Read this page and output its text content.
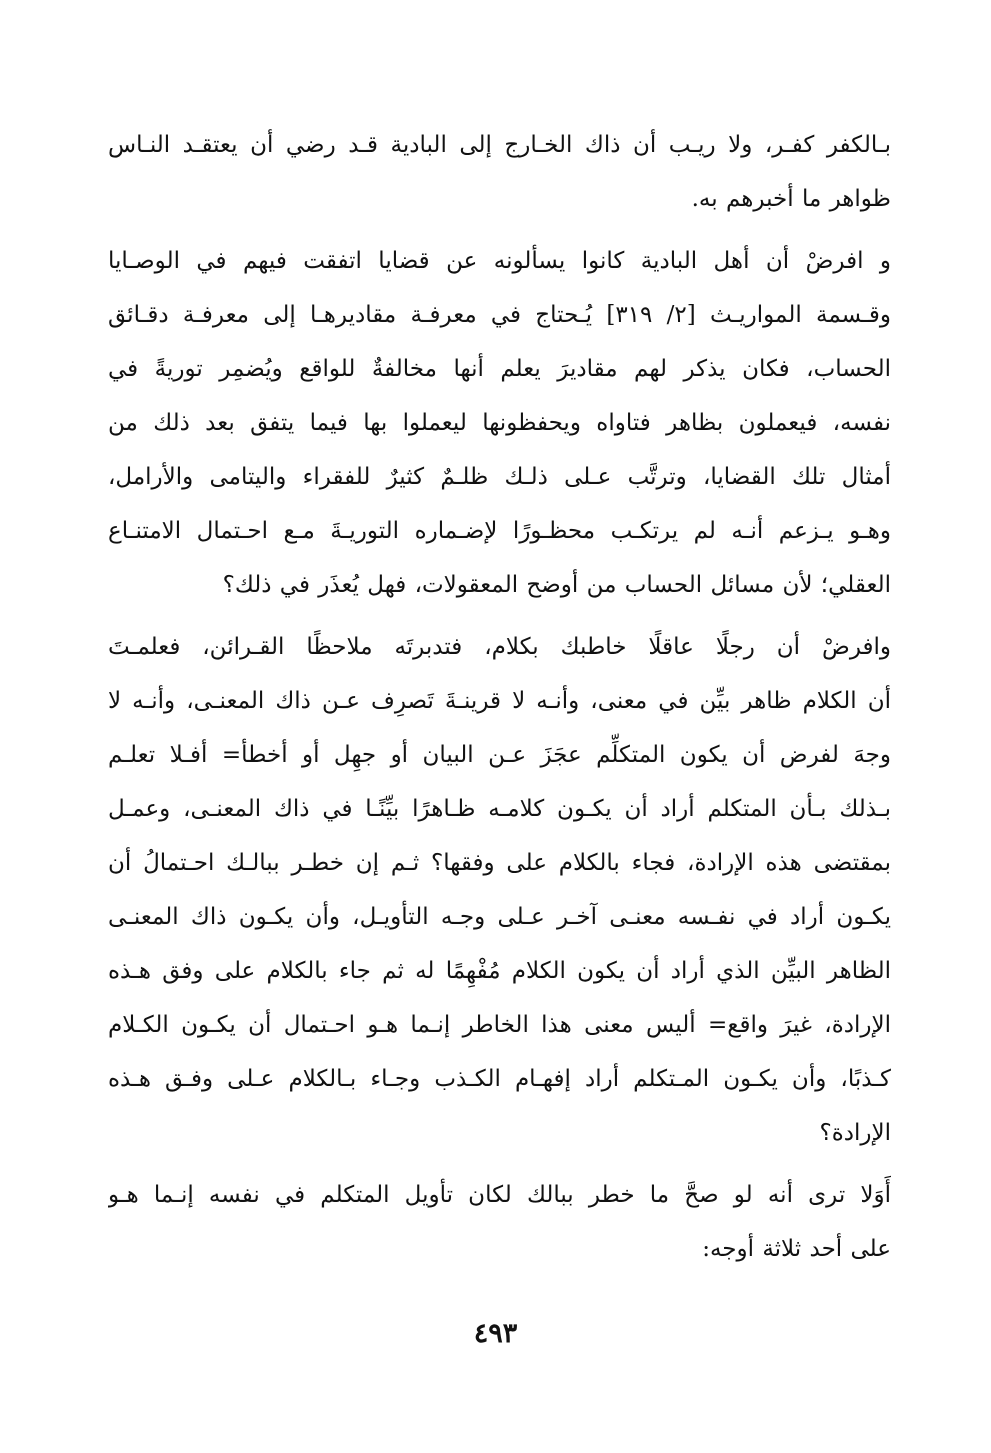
بـالكفر كفـر، ولا ريـب أن ذاك الخـارج إلى البادية قـد رضي أن يعتقـد النـاس
ظواهر ما أخبرهم به.

و افرضْ أن أهل البادية كانوا يسألونه عن قضايا اتفقت فيهم في الوصـايا
وقـسمة المواريـث [٢/ ٣١٩] يُـحتاج في معرفـة مقاديرهـا إلى معرفـة دقـائق
الحساب، فكان يذكر لهم مقاديرَ يعلم أنها مخالفةٌ للواقع ويُضمِر توريةً في
نفسه، فيعملون بظاهر فتاواه ويحفظونها ليعملوا بها فيما يتفق بعد ذلك من
أمثال تلك القضايا، وترتَّب عـلى ذلـك ظلـمٌ كثيرٌ للفقراء واليتامى والأرامل،
وهـو يـزعم أنـه لم يرتكـب محظـورًا لإضـماره التوريـةَ مـع احـتمال الامتنـاع
العقلي؛ لأن مسائل الحساب من أوضح المعقولات، فهل يُعذَر في ذلك؟

وافرضْ أن رجلًا عاقلًا خاطبك بكلام، فتدبرتَه ملاحظًا القـرائن، فعلمـتَ
أن الكلام ظاهر بيِّن في معنى، وأنـه لا قرينـةَ تَصرِف عـن ذاك المعنـى، وأنـه لا
وجهَ لفرض أن يكون المتكلِّم عجَزَ عـن البيان أو جهِل أو أخطأ= أفـلا تعلـم
بـذلك بـأن المتكلم أراد أن يكـون كلامـه ظـاهرًا بيِّنًـا في ذاك المعنـى، وعمـل
بمقتضى هذه الإرادة، فجاء بالكلام على وفقها؟ ثـم إن خطـر ببالـك احـتمالُ أن
يكـون أراد في نفـسه معنـى آخـر عـلى وجـه التأويـل، وأن يكـون ذاك المعنـى
الظاهر البيِّن الذي أراد أن يكون الكلام مُفْهِمًا له ثم جاء بالكلام على وفق هـذه
الإرادة، غيرَ واقع= أليس معنى هذا الخاطر إنـما هـو احـتمال أن يكـون الكـلام
كـذبًا، وأن يكـون المـتكلم أراد إفهـام الكـذب وجـاء بـالكلام عـلى وفـق هـذه
الإرادة؟

أَوَلا ترى أنه لو صحَّ ما خطر ببالك لكان تأويل المتكلم في نفسه إنـما هـو
على أحد ثلاثة أوجه:

٤٩٣
